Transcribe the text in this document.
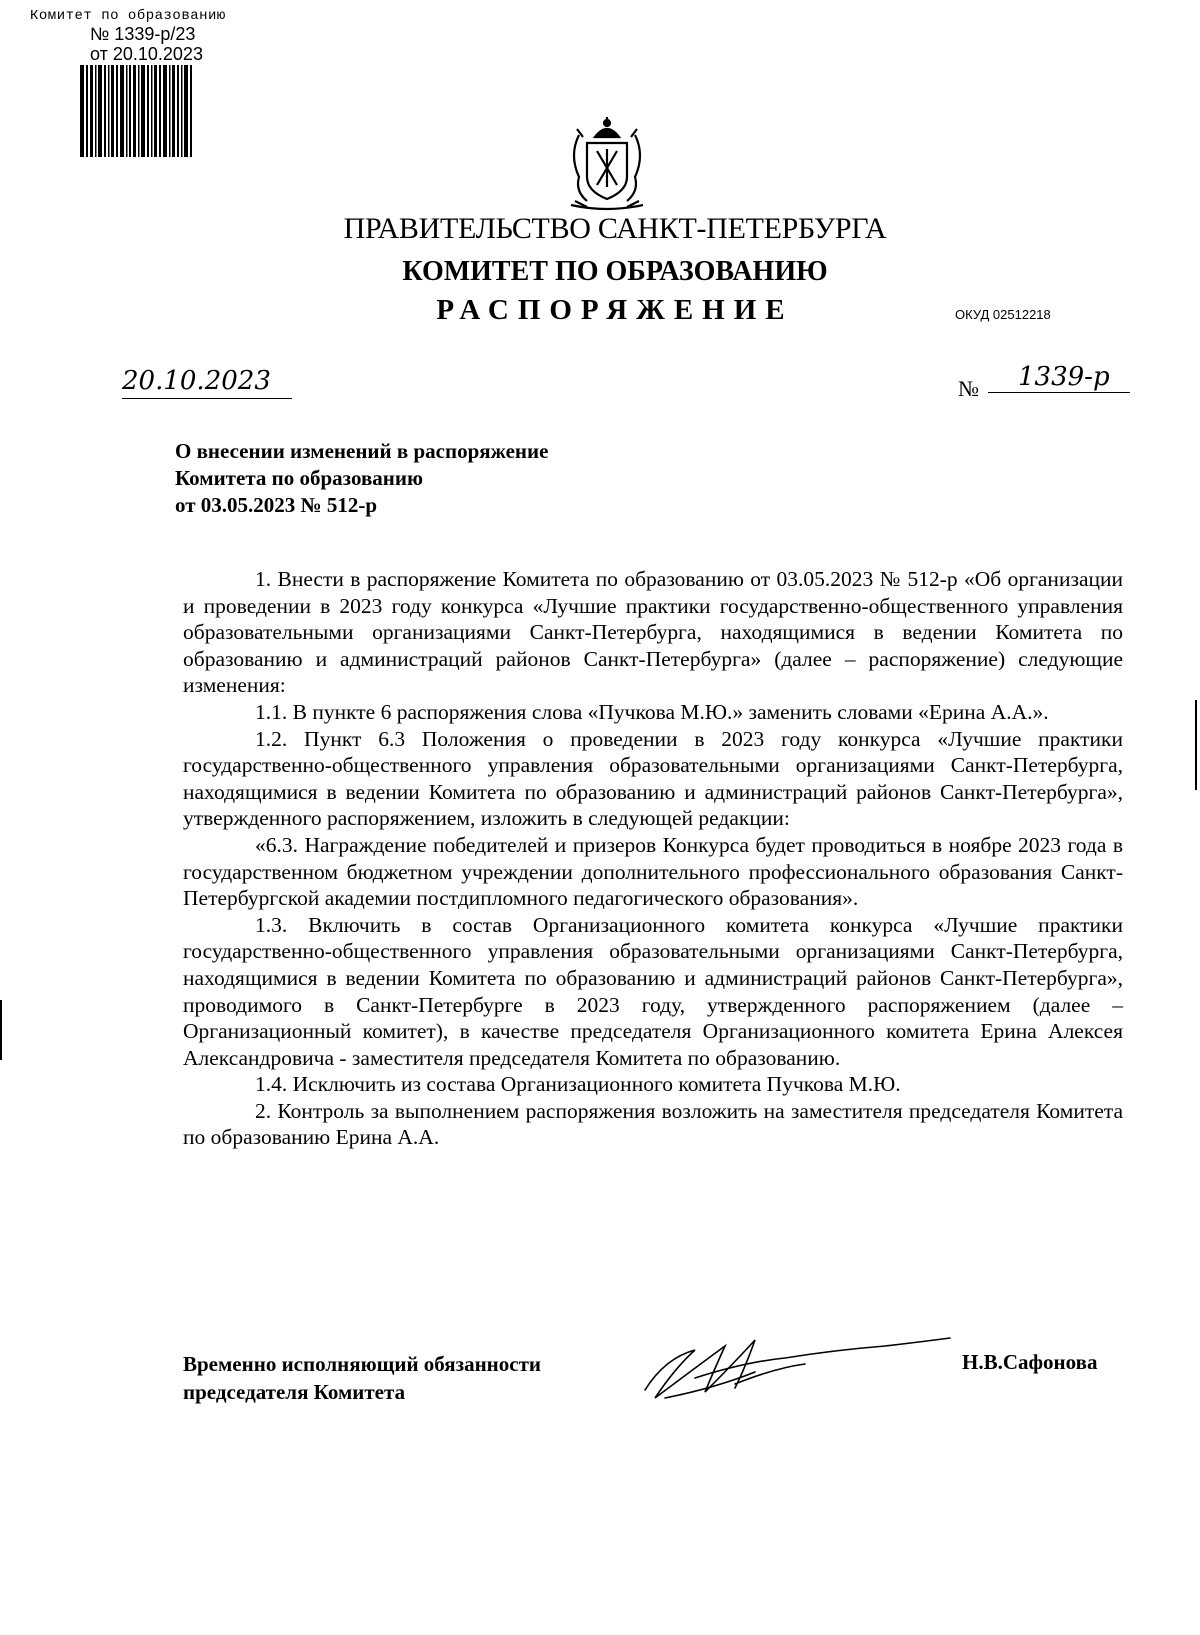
Комитет по образованию
№ 1339-р/23
от 20.10.2023
ПРАВИТЕЛЬСТВО САНКТ-ПЕТЕРБУРГА
КОМИТЕТ ПО ОБРАЗОВАНИЮ
РАСПОРЯЖЕНИЕ	ОКУД 02512218
20.10.2023	№	1339-р
О внесении изменений в распоряжение
Комитета по образованию
от 03.05.2023 № 512-р

1. Внести в распоряжение Комитета по образованию от 03.05.2023 № 512-р «Об организации и проведении в 2023 году конкурса «Лучшие практики государственно-общественного управления образовательными организациями Санкт-Петербурга, находящимися в ведении Комитета по образованию и администраций районов Санкт-Петербурга» (далее – распоряжение) следующие изменения:

1.1. В пункте 6 распоряжения слова «Пучкова М.Ю.» заменить словами «Ерина А.А.».

1.2. Пункт 6.3 Положения о проведении в 2023 году конкурса «Лучшие практики государственно-общественного управления образовательными организациями Санкт-Петербурга, находящимися в ведении Комитета по образованию и администраций районов Санкт-Петербурга», утвержденного распоряжением, изложить в следующей редакции:

«6.3. Награждение победителей и призеров Конкурса будет проводиться в ноябре 2023 года в государственном бюджетном учреждении дополнительного профессионального образования Санкт-Петербургской академии постдипломного педагогического образования».

1.3. Включить в состав Организационного комитета конкурса «Лучшие практики государственно-общественного управления образовательными организациями Санкт-Петербурга, находящимися в ведении Комитета по образованию и администраций районов Санкт-Петербурга», проводимого в Санкт-Петербурге в 2023 году, утвержденного распоряжением (далее – Организационный комитет), в качестве председателя Организационного комитета Ерина Алексея Александровича - заместителя председателя Комитета по образованию.

1.4. Исключить из состава Организационного комитета Пучкова М.Ю.

2. Контроль за выполнением распоряжения возложить на заместителя председателя Комитета по образованию Ерина А.А.

Временно исполняющий обязанности
председателя Комитета
Н.В.Сафонова
